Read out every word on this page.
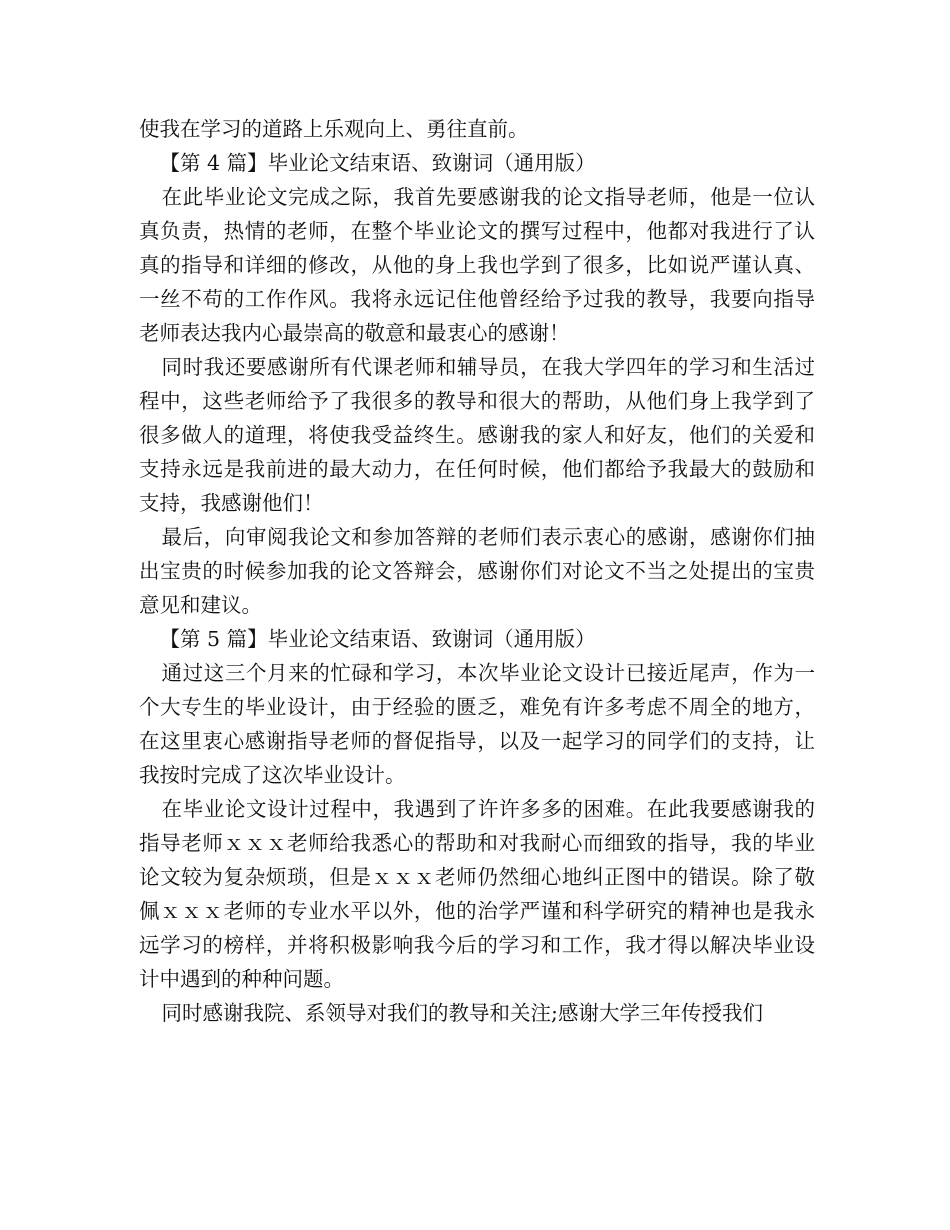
使我在学习的道路上乐观向上、勇往直前。

【第 4 篇】毕业论文结束语、致谢词（通用版）

在此毕业论文完成之际，我首先要感谢我的论文指导老师，他是一位认真负责，热情的老师，在整个毕业论文的撰写过程中，他都对我进行了认真的指导和详细的修改，从他的身上我也学到了很多，比如说严谨认真、一丝不苟的工作作风。我将永远记住他曾经给予过我的教导，我要向指导老师表达我内心最崇高的敬意和最衷心的感谢！

同时我还要感谢所有代课老师和辅导员，在我大学四年的学习和生活过程中，这些老师给予了我很多的教导和很大的帮助，从他们身上我学到了很多做人的道理，将使我受益终生。感谢我的家人和好友，他们的关爱和支持永远是我前进的最大动力，在任何时候，他们都给予我最大的鼓励和支持，我感谢他们！

最后，向审阅我论文和参加答辩的老师们表示衷心的感谢，感谢你们抽出宝贵的时候参加我的论文答辩会，感谢你们对论文不当之处提出的宝贵意见和建议。

【第 5 篇】毕业论文结束语、致谢词（通用版）

通过这三个月来的忙碌和学习，本次毕业论文设计已接近尾声，作为一个大专生的毕业设计，由于经验的匮乏，难免有许多考虑不周全的地方，在这里衷心感谢指导老师的督促指导，以及一起学习的同学们的支持，让我按时完成了这次毕业设计。

在毕业论文设计过程中，我遇到了许许多多的困难。在此我要感谢我的指导老师ｘｘｘ老师给我悉心的帮助和对我耐心而细致的指导，我的毕业论文较为复杂烦琐，但是ｘｘｘ老师仍然细心地纠正图中的错误。除了敬佩ｘｘｘ老师的专业水平以外，他的治学严谨和科学研究的精神也是我永远学习的榜样，并将积极影响我今后的学习和工作，我才得以解决毕业设计中遇到的种种问题。

同时感谢我院、系领导对我们的教导和关注;感谢大学三年传授我们
